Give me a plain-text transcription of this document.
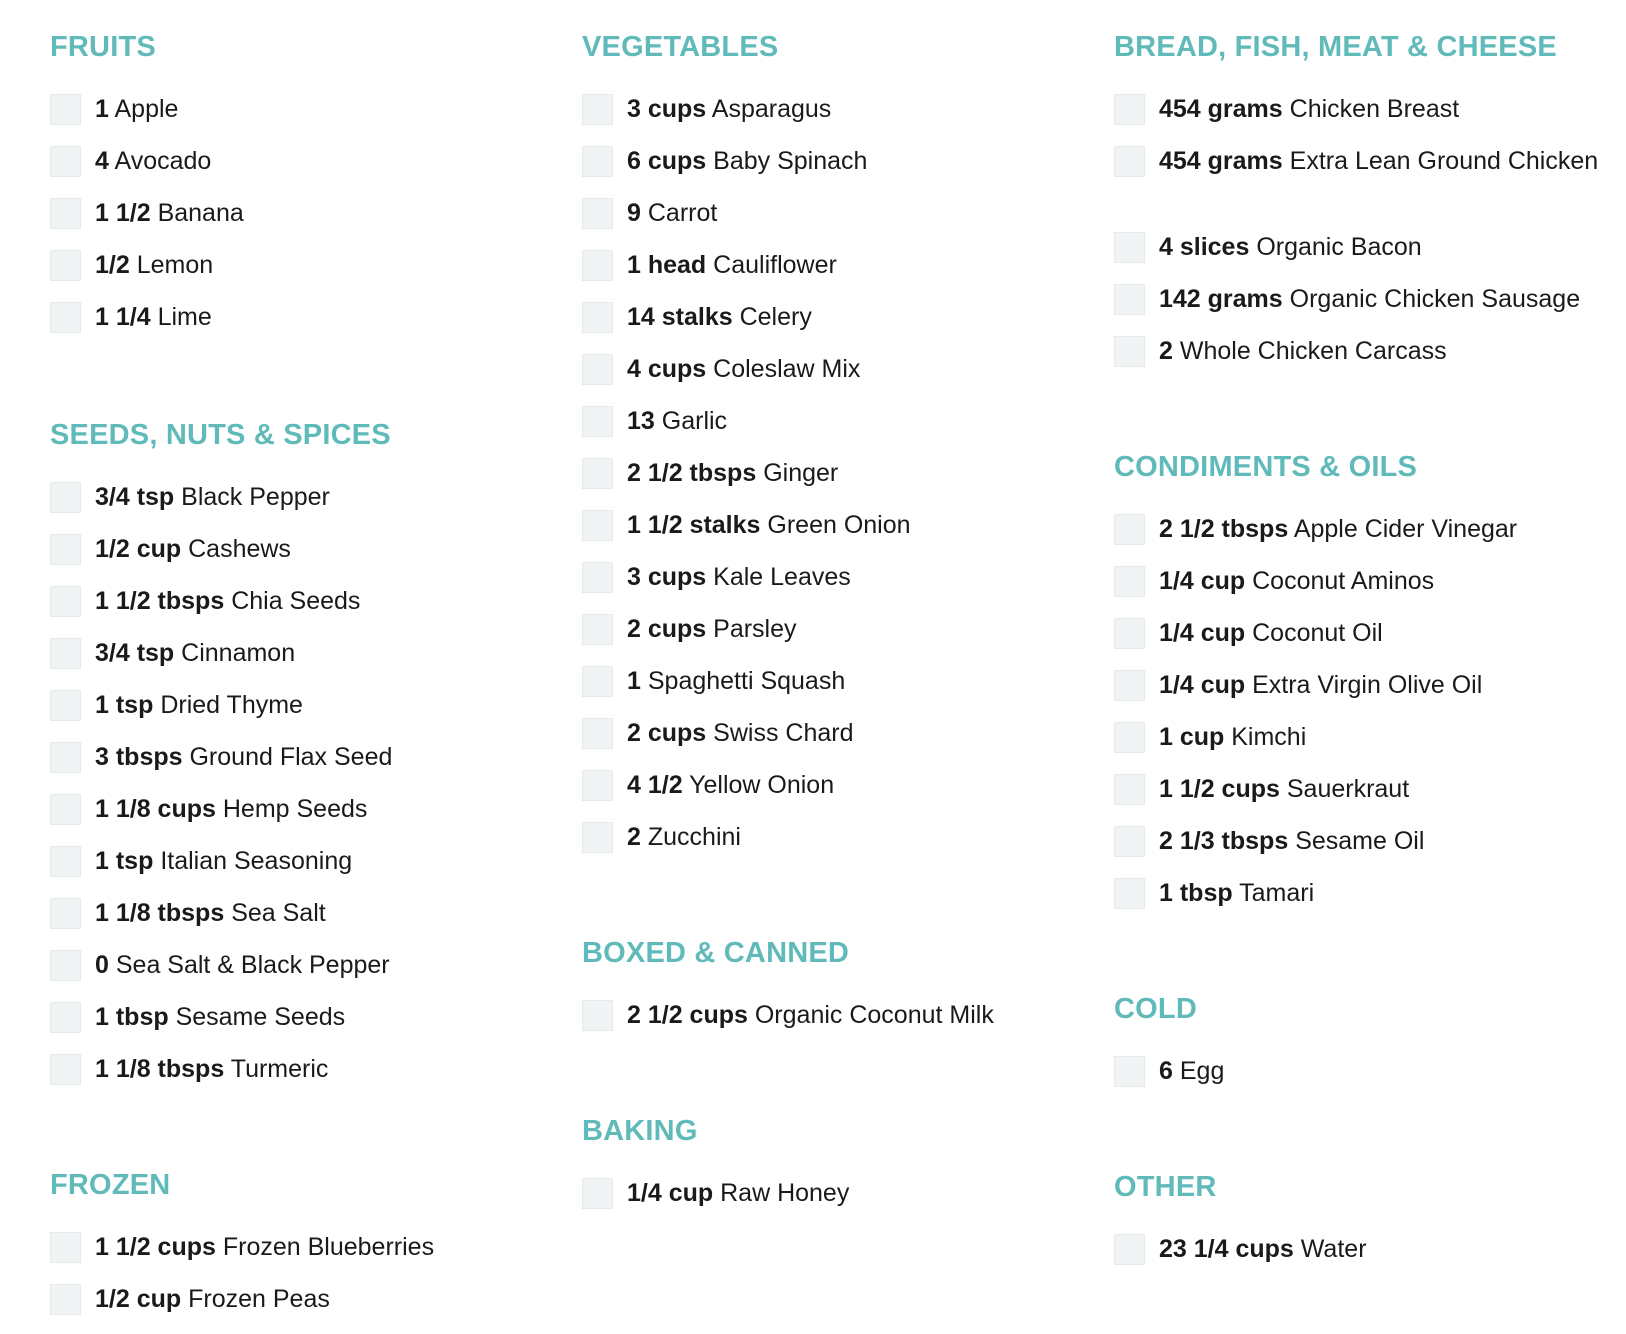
FRUITS
1 Apple
4 Avocado
1 1/2 Banana
1/2 Lemon
1 1/4 Lime
SEEDS, NUTS & SPICES
3/4 tsp Black Pepper
1/2 cup Cashews
1 1/2 tbsps Chia Seeds
3/4 tsp Cinnamon
1 tsp Dried Thyme
3 tbsps Ground Flax Seed
1 1/8 cups Hemp Seeds
1 tsp Italian Seasoning
1 1/8 tbsps Sea Salt
0 Sea Salt & Black Pepper
1 tbsp Sesame Seeds
1 1/8 tbsps Turmeric
FROZEN
1 1/2 cups Frozen Blueberries
1/2 cup Frozen Peas
VEGETABLES
3 cups Asparagus
6 cups Baby Spinach
9 Carrot
1 head Cauliflower
14 stalks Celery
4 cups Coleslaw Mix
13 Garlic
2 1/2 tbsps Ginger
1 1/2 stalks Green Onion
3 cups Kale Leaves
2 cups Parsley
1 Spaghetti Squash
2 cups Swiss Chard
4 1/2 Yellow Onion
2 Zucchini
BOXED & CANNED
2 1/2 cups Organic Coconut Milk
BAKING
1/4 cup Raw Honey
BREAD, FISH, MEAT & CHEESE
454 grams Chicken Breast
454 grams Extra Lean Ground Chicken
4 slices Organic Bacon
142 grams Organic Chicken Sausage
2 Whole Chicken Carcass
CONDIMENTS & OILS
2 1/2 tbsps Apple Cider Vinegar
1/4 cup Coconut Aminos
1/4 cup Coconut Oil
1/4 cup Extra Virgin Olive Oil
1 cup Kimchi
1 1/2 cups Sauerkraut
2 1/3 tbsps Sesame Oil
1 tbsp Tamari
COLD
6 Egg
OTHER
23 1/4 cups Water
